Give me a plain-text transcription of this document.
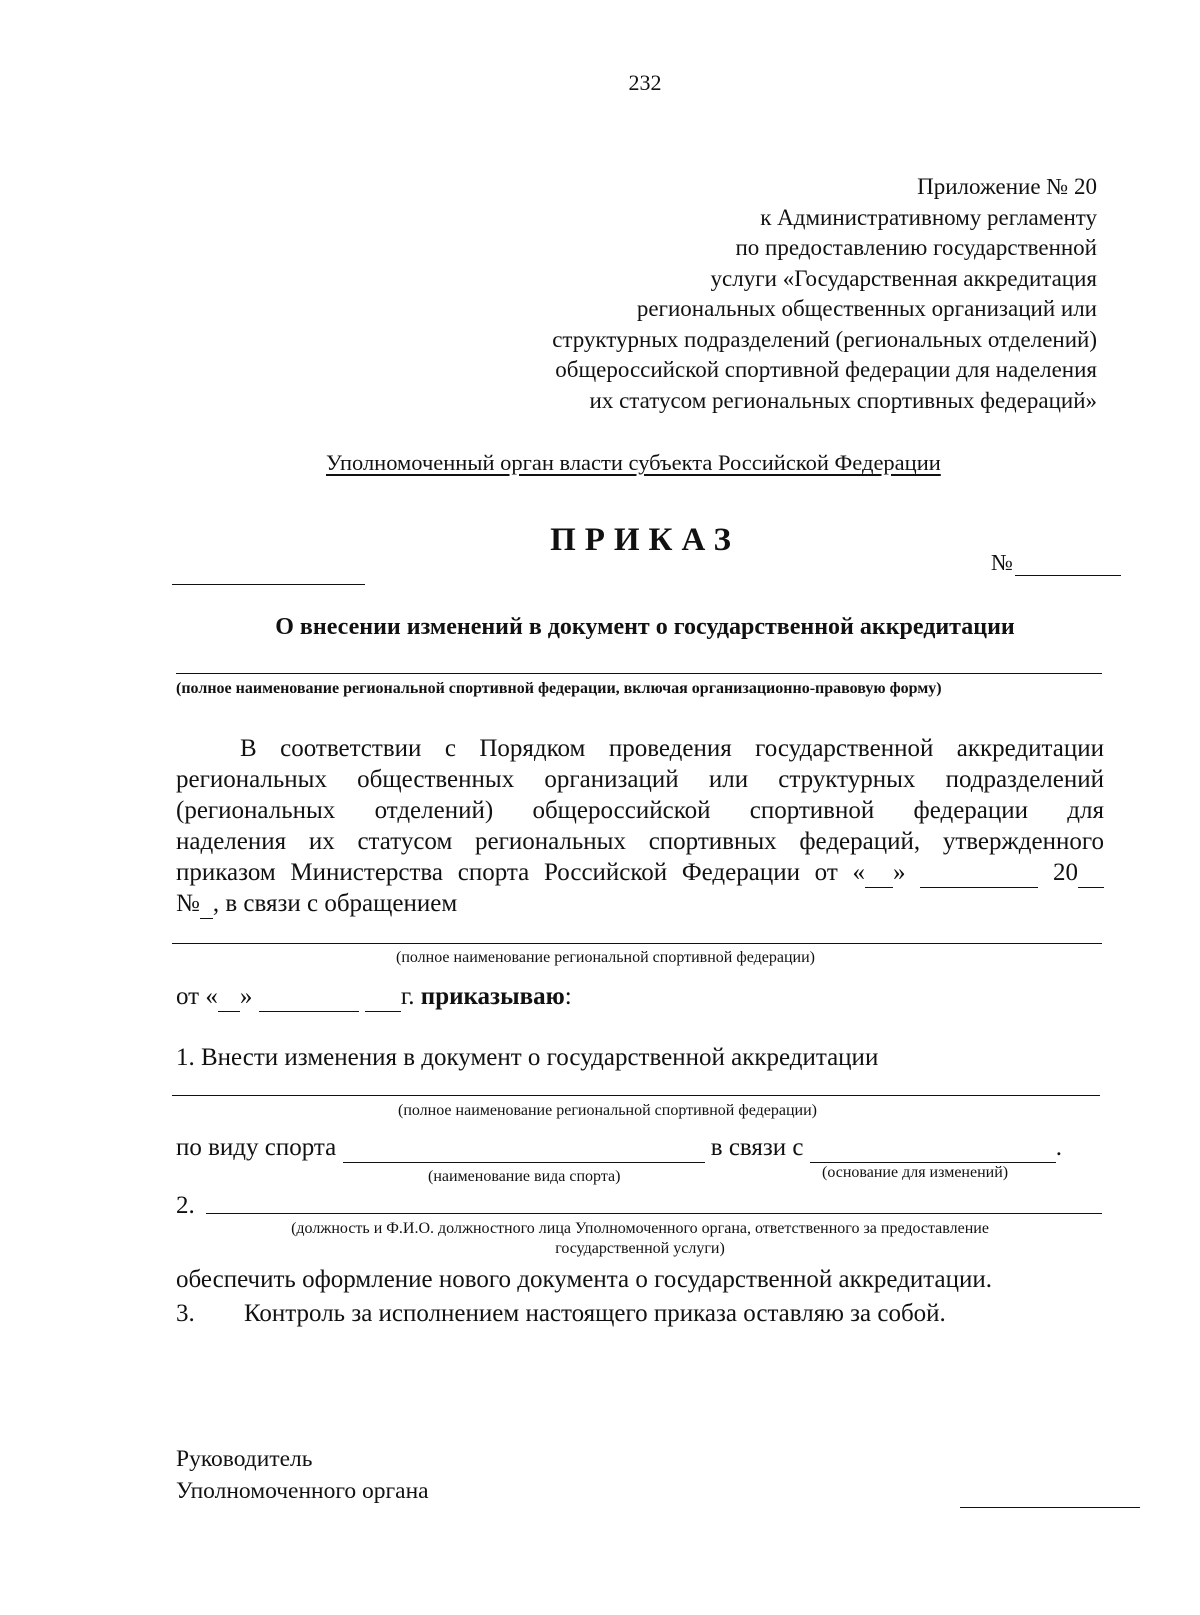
232
Приложение № 20
к Административному регламенту
по предоставлению государственной
услуги «Государственная аккредитация
региональных общественных организаций или
структурных подразделений (региональных отделений)
общероссийской спортивной федерации для наделения
их статусом региональных спортивных федераций»
Уполномоченный орган власти субъекта Российской Федерации
ПРИКАЗ
№
О внесении изменений в документ о государственной аккредитации
(полное наименование региональной спортивной федерации, включая организационно-правовую форму)
В соответствии с Порядком проведения государственной аккредитации
региональных общественных организаций или структурных подразделений
(региональных отделений) общероссийской спортивной федерации для
наделения их статусом региональных спортивных федераций, утвержденного
приказом Министерства спорта Российской Федерации от « »	20
№ , в связи с обращением
(полное наименование региональной спортивной федерации)
от « »	г. приказываю:
1. Внести изменения в документ о государственной аккредитации
(полное наименование региональной спортивной федерации)
по виду спорта	в связи с	.
(наименование вида спорта)	(основание для изменений)
2.
(должность и Ф.И.О. должностного лица Уполномоченного органа, ответственного за предоставление
государственной услуги)
обеспечить оформление нового документа о государственной аккредитации.
3. Контроль за исполнением настоящего приказа оставляю за собой.
Руководитель
Уполномоченного органа
